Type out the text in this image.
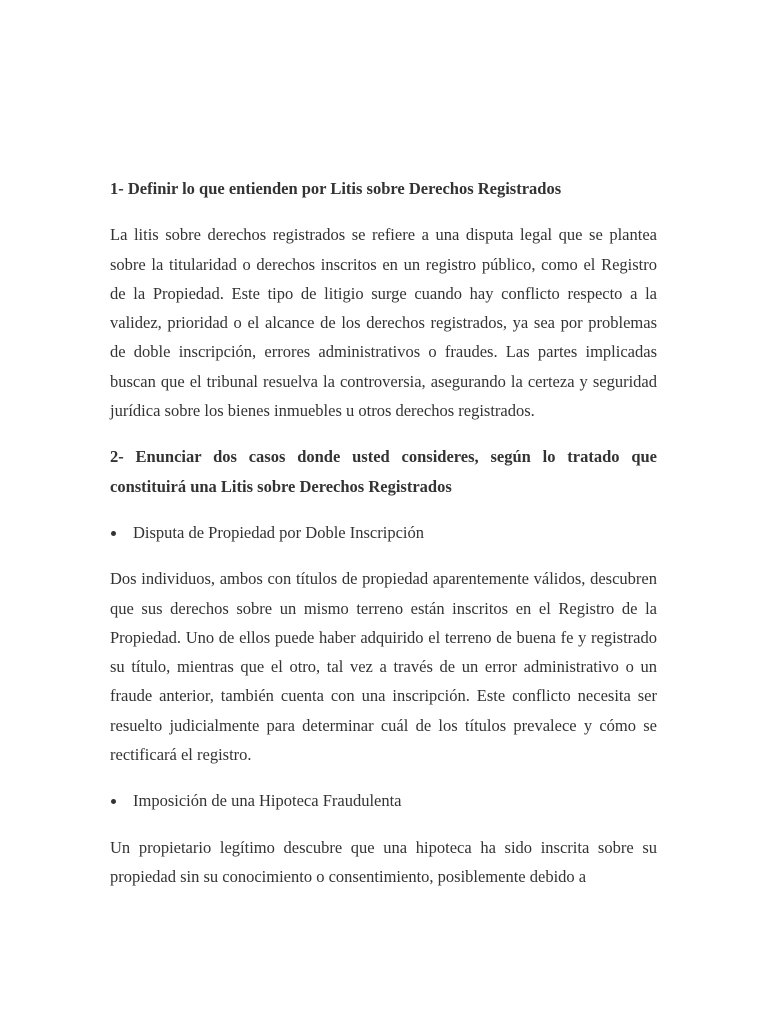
1- Definir lo que entienden por Litis sobre Derechos Registrados

La litis sobre derechos registrados se refiere a una disputa legal que se plantea sobre la titularidad o derechos inscritos en un registro público, como el Registro de la Propiedad. Este tipo de litigio surge cuando hay conflicto respecto a la validez, prioridad o el alcance de los derechos registrados, ya sea por problemas de doble inscripción, errores administrativos o fraudes. Las partes implicadas buscan que el tribunal resuelva la controversia, asegurando la certeza y seguridad jurídica sobre los bienes inmuebles u otros derechos registrados.

2- Enunciar dos casos donde usted consideres, según lo tratado que constituirá una Litis sobre Derechos Registrados

Disputa de Propiedad por Doble Inscripción

Dos individuos, ambos con títulos de propiedad aparentemente válidos, descubren que sus derechos sobre un mismo terreno están inscritos en el Registro de la Propiedad. Uno de ellos puede haber adquirido el terreno de buena fe y registrado su título, mientras que el otro, tal vez a través de un error administrativo o un fraude anterior, también cuenta con una inscripción. Este conflicto necesita ser resuelto judicialmente para determinar cuál de los títulos prevalece y cómo se rectificará el registro.

Imposición de una Hipoteca Fraudulenta

Un propietario legítimo descubre que una hipoteca ha sido inscrita sobre su propiedad sin su conocimiento o consentimiento, posiblemente debido a
